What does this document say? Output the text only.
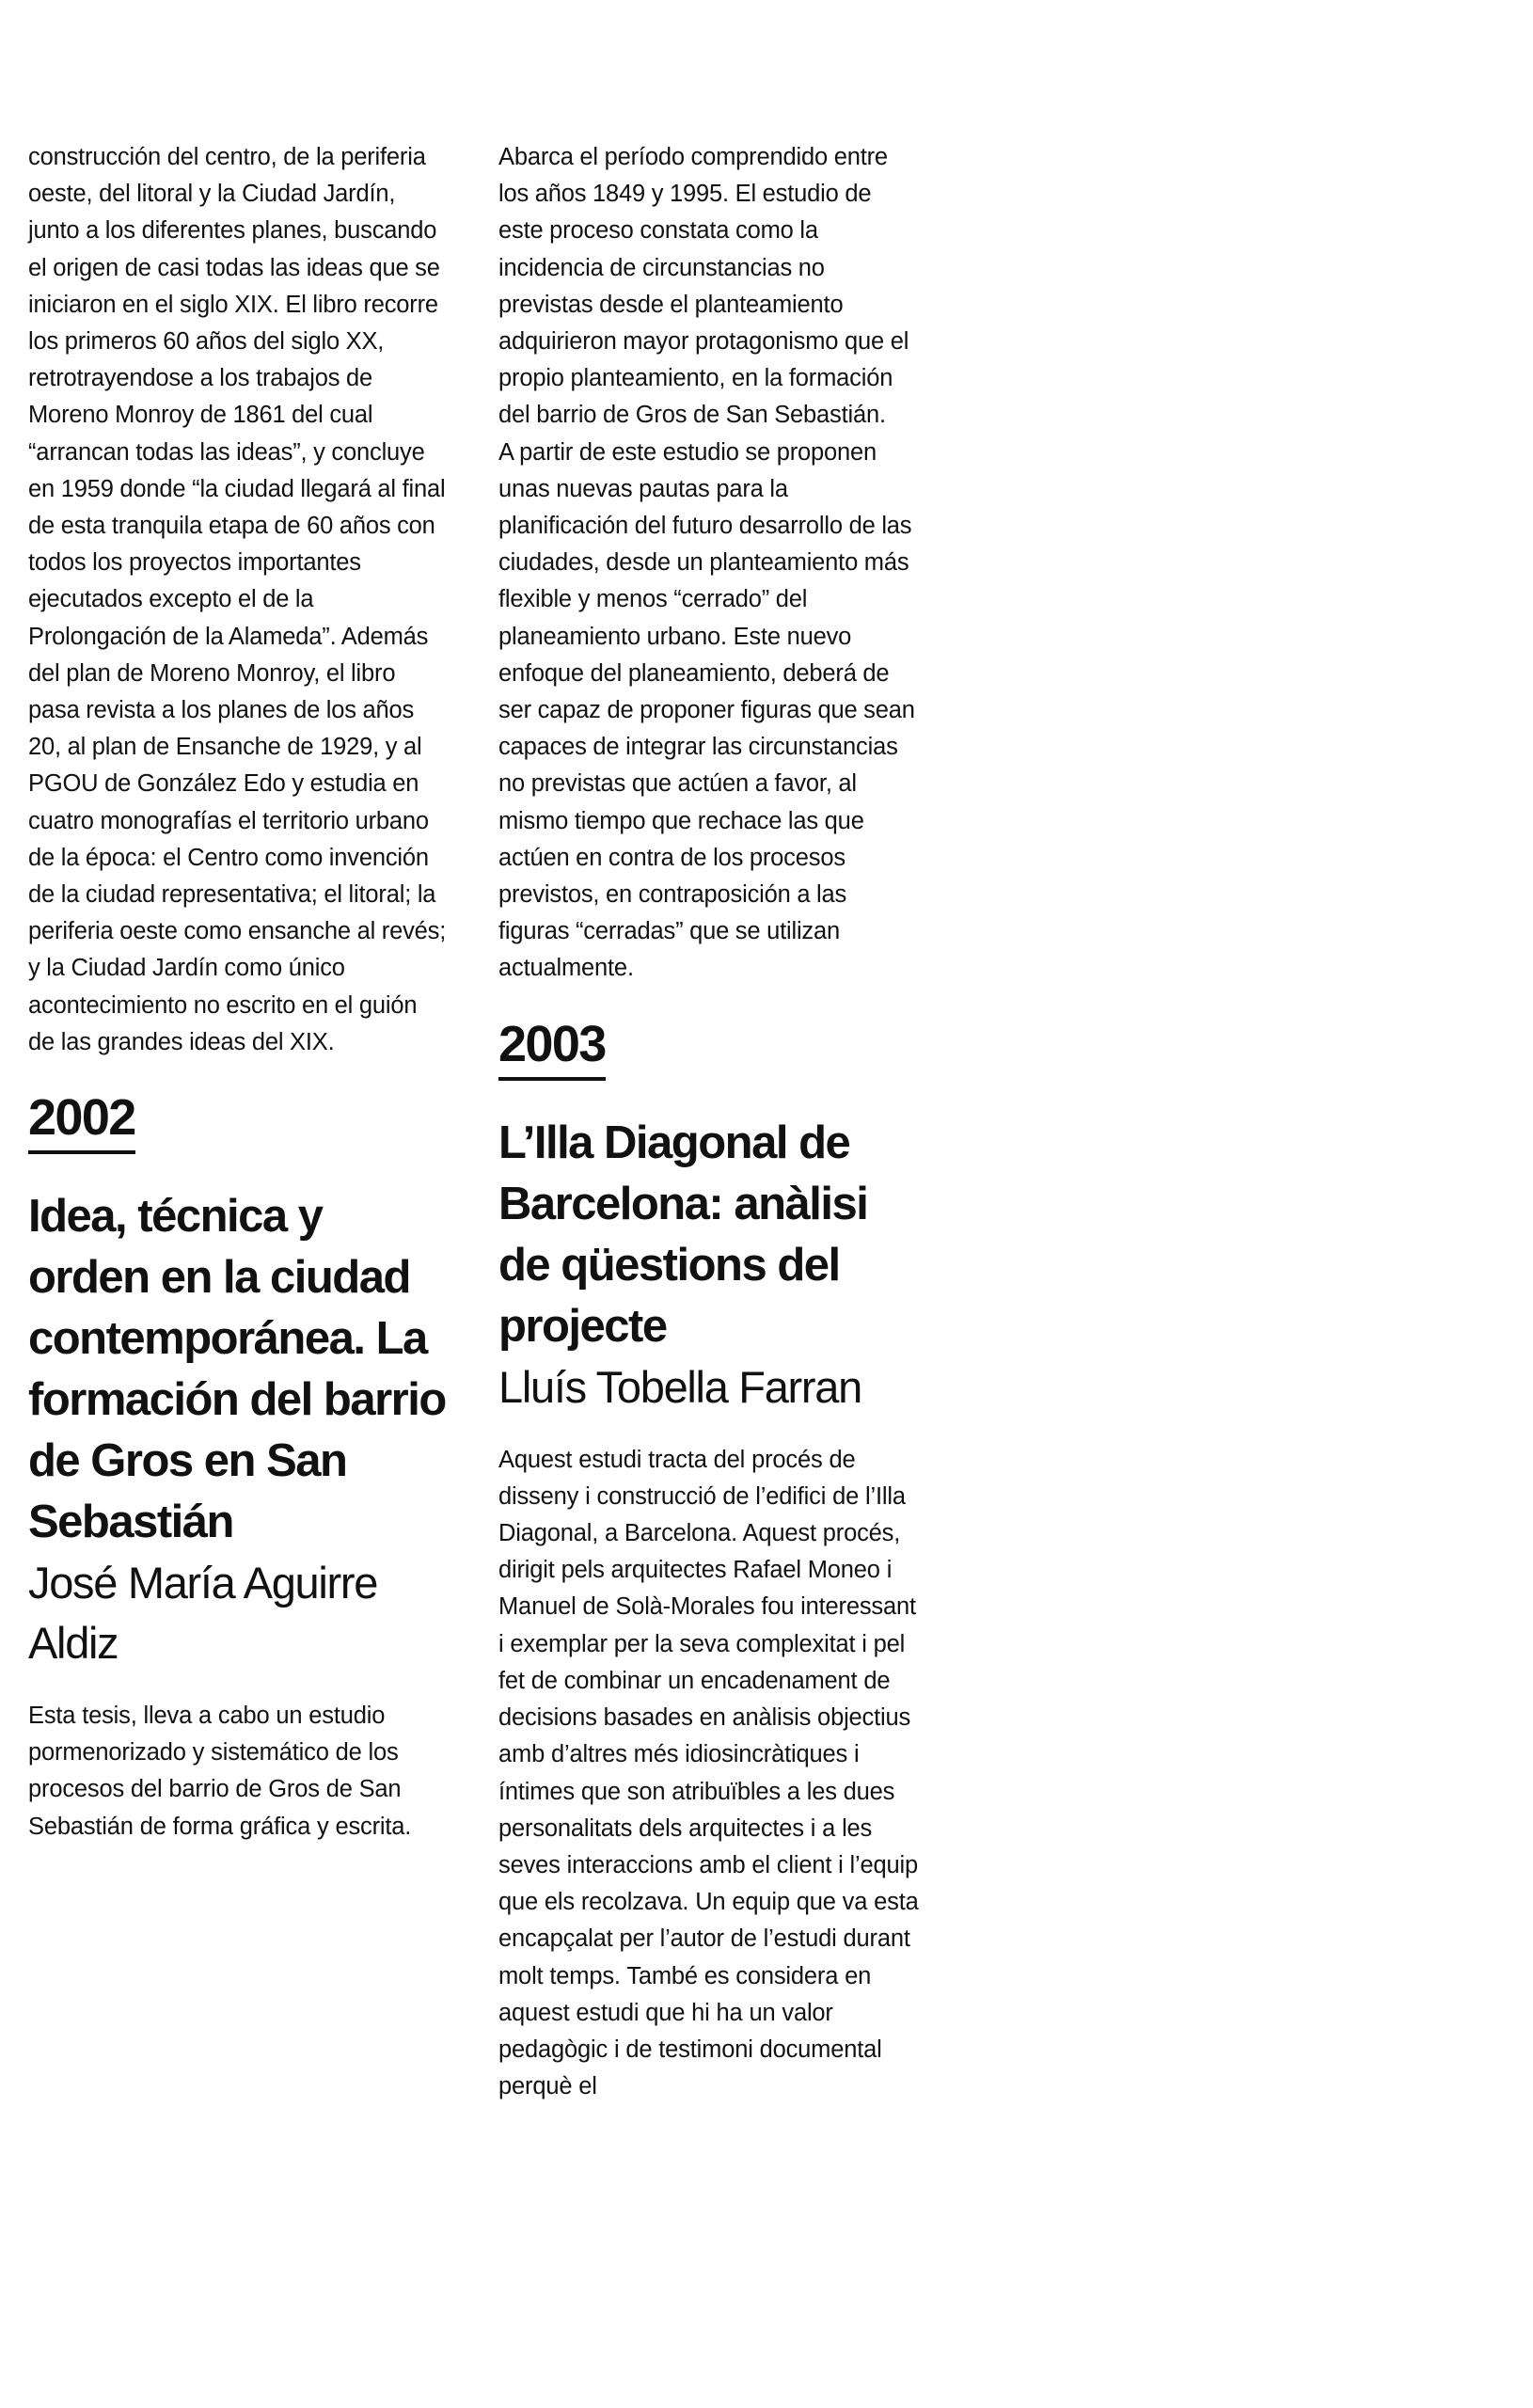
construcción del centro, de la periferia oeste, del litoral y la Ciudad Jardín, junto a los diferentes planes, buscando el origen de casi todas las ideas que se iniciaron en el siglo XIX. El libro recorre los primeros 60 años del siglo XX, retrotrayendose a los trabajos de Moreno Monroy de 1861 del cual “arrancan todas las ideas”, y concluye en 1959 donde “la ciudad llegará al final de esta tranquila etapa de 60 años con todos los proyectos importantes ejecutados excepto el de la Prolongación de la Alameda”. Además del plan de Moreno Monroy, el libro pasa revista a los planes de los años 20, al plan de Ensanche de 1929, y al PGOU de González Edo y estudia en cuatro monografías el territorio urbano de la época: el Centro como invención de la ciudad representativa; el litoral; la periferia oeste como ensanche al revés; y la Ciudad Jardín como único acontecimiento no escrito en el guión de las grandes ideas del XIX.

2002
Idea, técnica y orden en la ciudad contemporánea. La formación del barrio de Gros en San Sebastián

José María Aguirre Aldiz

Esta tesis, lleva a cabo un estudio pormenorizado y sistemático de los procesos del barrio de Gros de San Sebastián de forma gráfica y escrita.

Abarca el período comprendido entre los años 1849 y 1995. El estudio de este proceso constata como la incidencia de circunstancias no previstas desde el planteamiento adquirieron mayor protagonismo que el propio planteamiento, en la formación del barrio de Gros de San Sebastián.

A partir de este estudio se proponen unas nuevas pautas para la planificación del futuro desarrollo de las ciudades, desde un planteamiento más flexible y menos “cerrado” del planeamiento urbano. Este nuevo enfoque del planeamiento, deberá de ser capaz de proponer figuras que sean capaces de integrar las circunstancias no previstas que actúen a favor, al mismo tiempo que rechace las que actúen en contra de los procesos previstos, en contraposición a las figuras “cerradas” que se utilizan actualmente.

2003
L’Illa Diagonal de Barcelona: anàlisi de qüestions del projecte

Lluís Tobella Farran

Aquest estudi tracta del procés de disseny i construcció de l’edifici de l’Illa Diagonal, a Barcelona. Aquest procés, dirigit pels arquitectes Rafael Moneo i Manuel de Solà-Morales fou interessant i exemplar per la seva complexitat i pel fet de combinar un encadenament de decisions basades en anàlisis objectius amb d’altres més idiosincràtiques i íntimes que son atribuïbles a les dues personalitats dels arquitectes i a les seves interaccions amb el client i l’equip que els recolzava. Un equip que va esta encapçalat per l’autor de l’estudi durant molt temps. També es considera en aquest estudi que hi ha un valor pedagògic i de testimoni documental perquè el
